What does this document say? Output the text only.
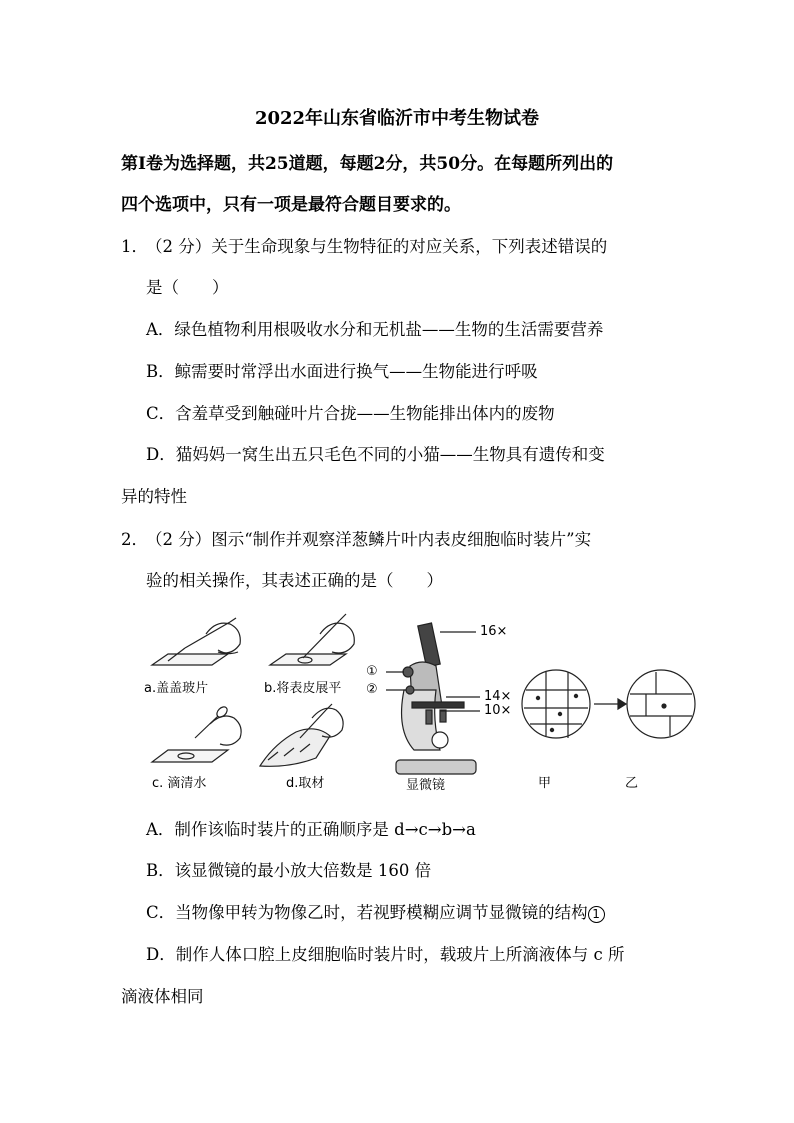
2022年山东省临沂市中考生物试卷
第Ⅰ卷为选择题，共25道题，每题2分，共50分。在每题所列出的
四个选项中，只有一项是最符合题目要求的。
1．
（2 分）关于生命现象与生物特征的对应关系，下列表述错误的
是（　　）
A．绿色植物利用根吸收水分和无机盐——生物的生活需要营养
B．鲸需要时常浮出水面进行换气——生物能进行呼吸
C．含羞草受到触碰叶片合拢——生物能排出体内的废物
D．猫妈妈一窝生出五只毛色不同的小猫——生物具有遗传和变
异的特性
2．
（2 分）图示“制作并观察洋葱鳞片叶内表皮细胞临时装片”实
验的相关操作，其表述正确的是（　　）
a.盖盖玻片	b.将表皮展平
c. 滴清水	d.取材
①
②
16×
14×
10×
显微镜	甲	乙
A．制作该临时装片的正确顺序是 d→c→b→a
B．该显微镜的最小放大倍数是 160 倍
C．当物像甲转为物像乙时，若视野模糊应调节显微镜的结构 1
D．制作人体口腔上皮细胞临时装片时，载玻片上所滴液体与 c 所
滴液体相同
